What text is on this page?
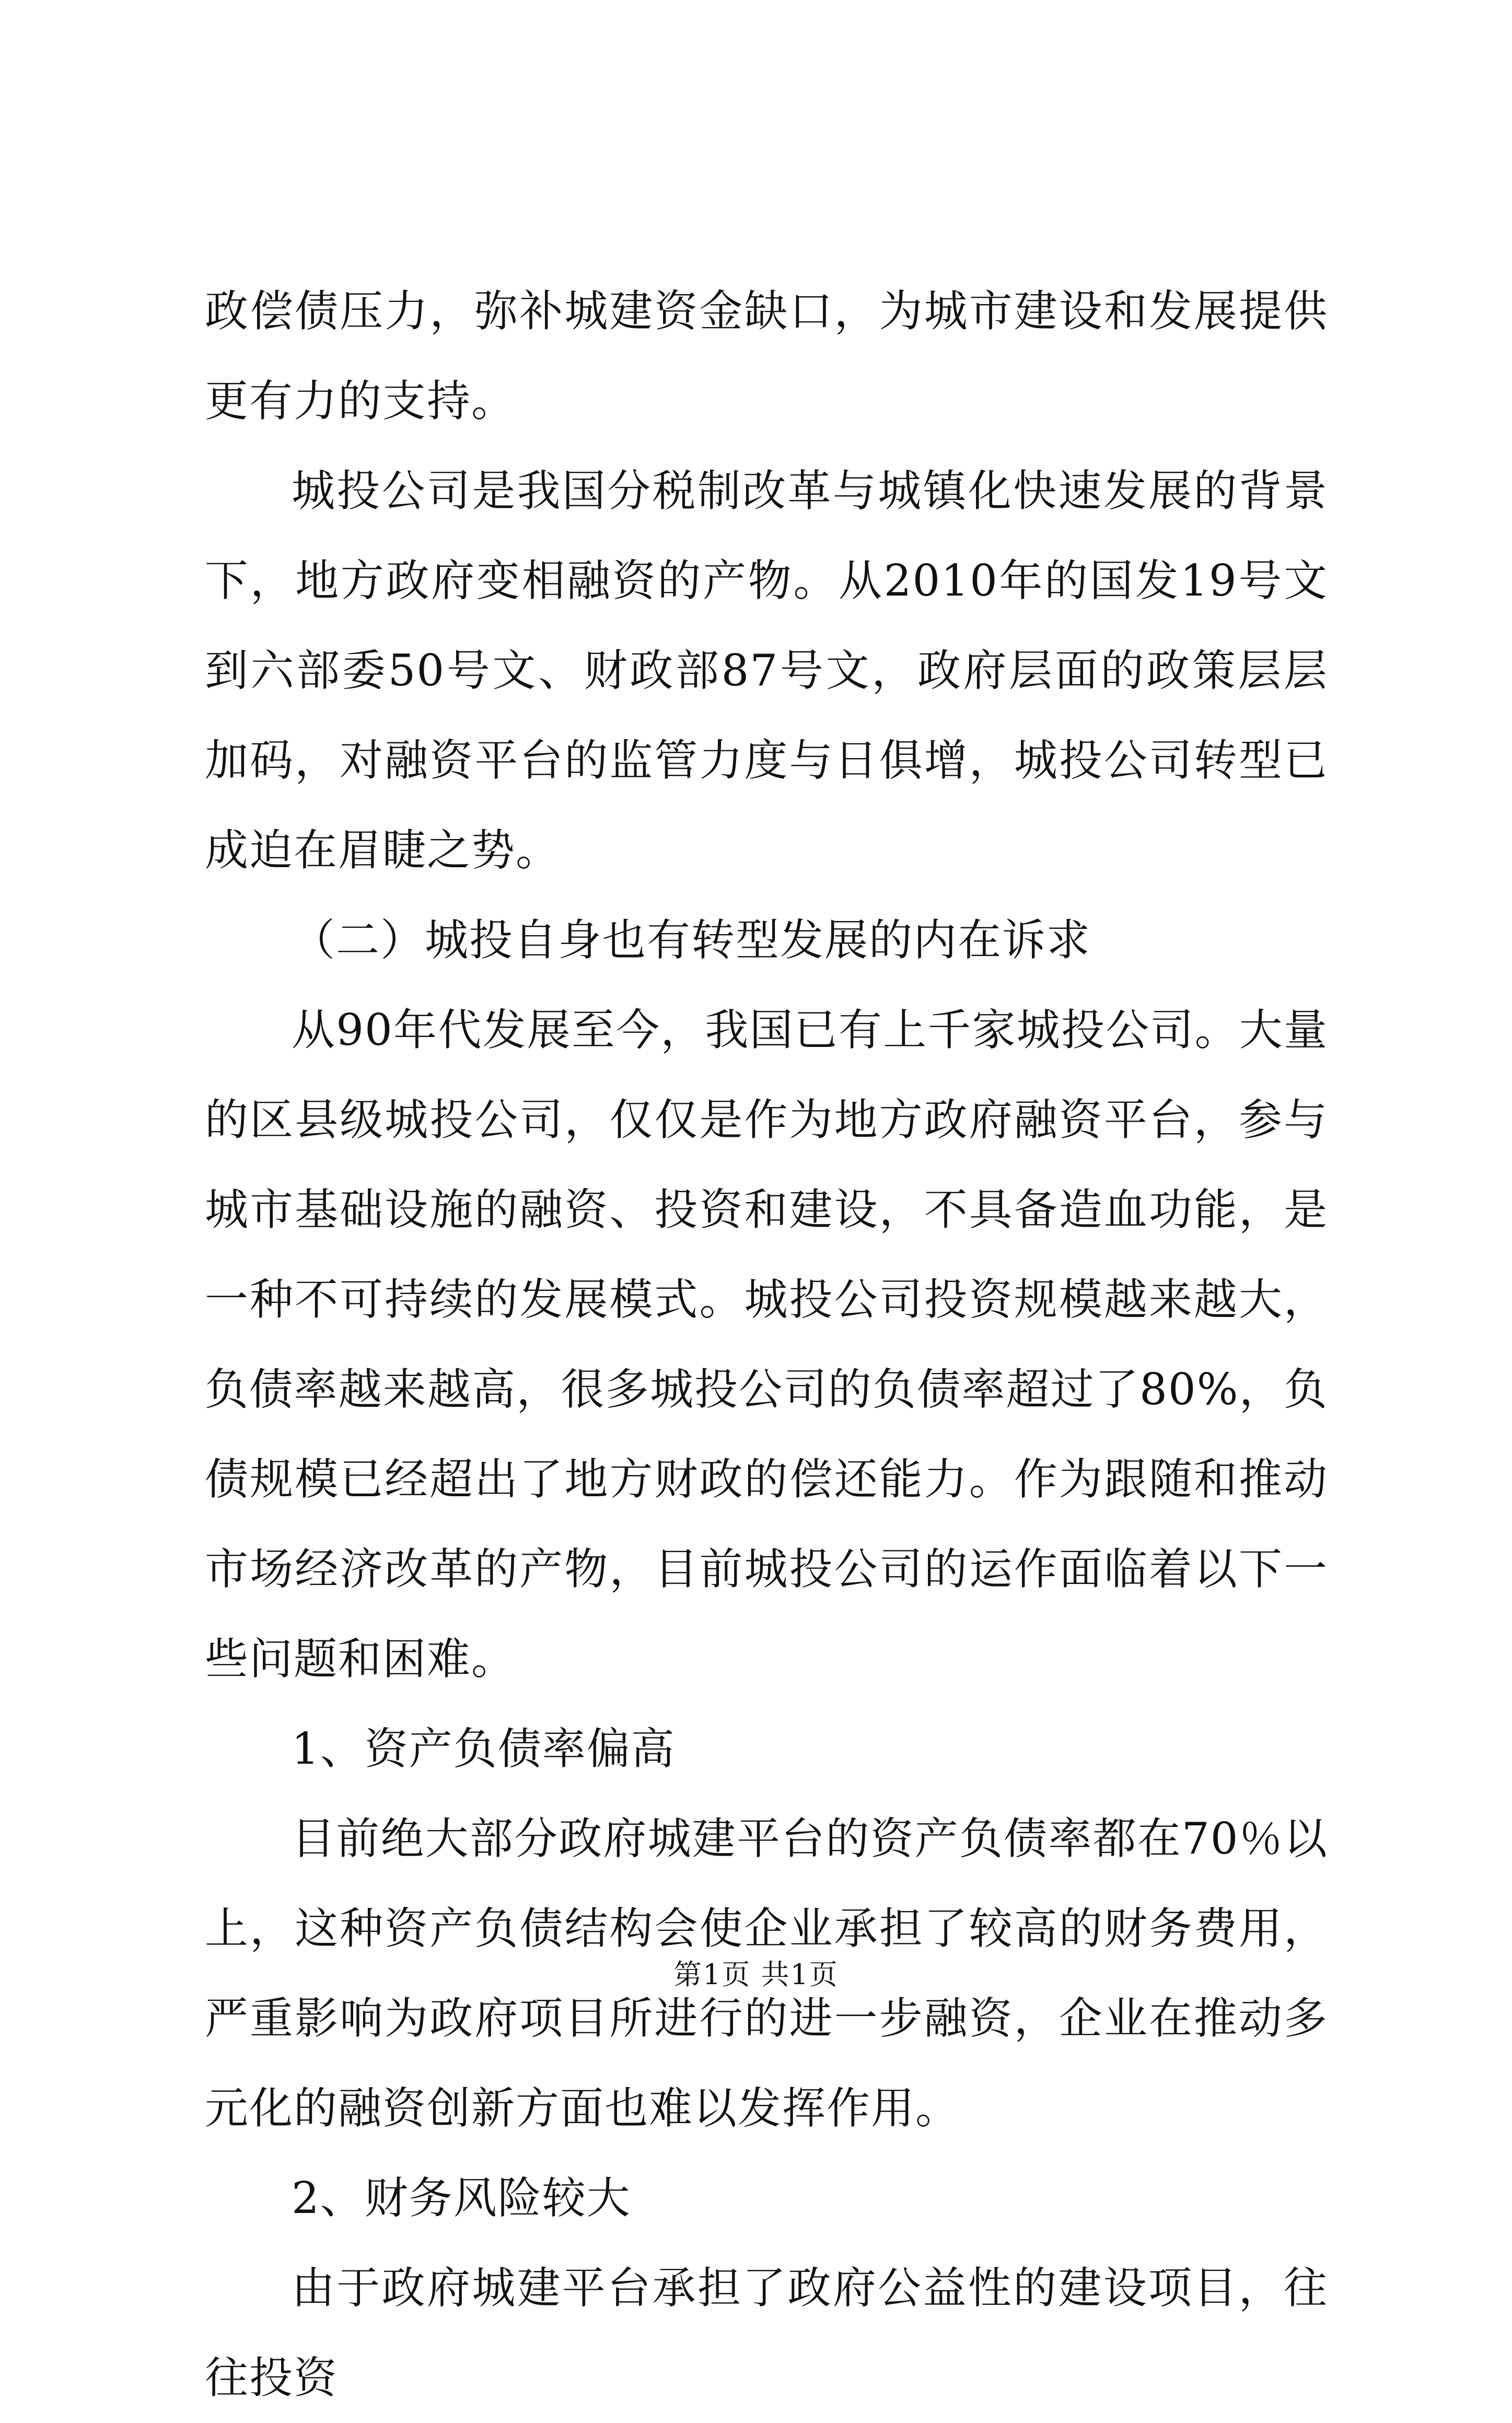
政偿债压力，弥补城建资金缺口，为城市建设和发展提供更有力的支持。

城投公司是我国分税制改革与城镇化快速发展的背景下，地方政府变相融资的产物。从2010年的国发19号文到六部委50号文、财政部87号文，政府层面的政策层层加码，对融资平台的监管力度与日俱增，城投公司转型已成迫在眉睫之势。

（二）城投自身也有转型发展的内在诉求

从90年代发展至今，我国已有上千家城投公司。大量的区县级城投公司，仅仅是作为地方政府融资平台，参与城市基础设施的融资、投资和建设，不具备造血功能，是一种不可持续的发展模式。城投公司投资规模越来越大，负债率越来越高，很多城投公司的负债率超过了80%，负债规模已经超出了地方财政的偿还能力。作为跟随和推动市场经济改革的产物，目前城投公司的运作面临着以下一些问题和困难。

1、资产负债率偏高

目前绝大部分政府城建平台的资产负债率都在70％以上，这种资产负债结构会使企业承担了较高的财务费用，严重影响为政府项目所进行的进一步融资，企业在推动多元化的融资创新方面也难以发挥作用。

2、财务风险较大

由于政府城建平台承担了政府公益性的建设项目，往往投资

第1页 共1页
